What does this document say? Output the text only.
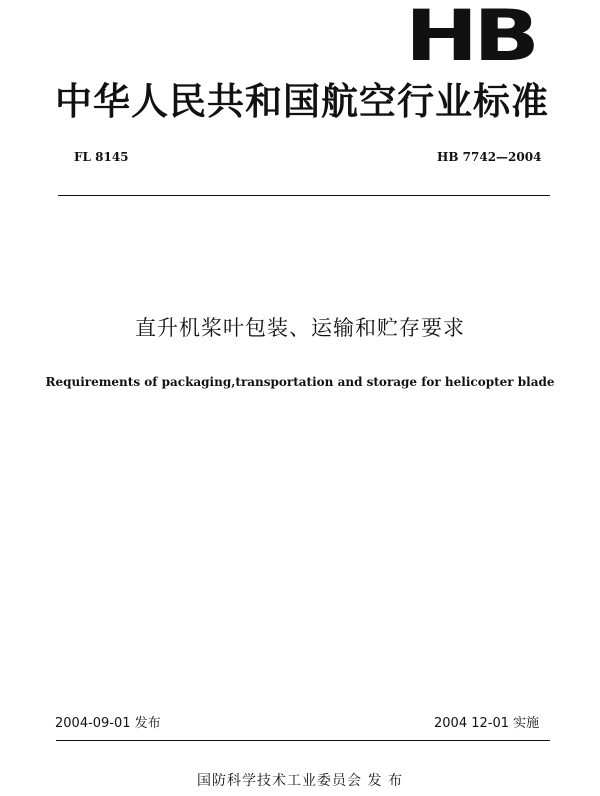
HB
中华人民共和国航空行业标准
FL 8145	HB 7742—2004
直升机桨叶包装、运输和贮存要求
Requirements of packaging,transportation and storage for helicopter blade
2004-09-01 发布	2004 12-01 实施
国防科学技术工业委员会 发 布
